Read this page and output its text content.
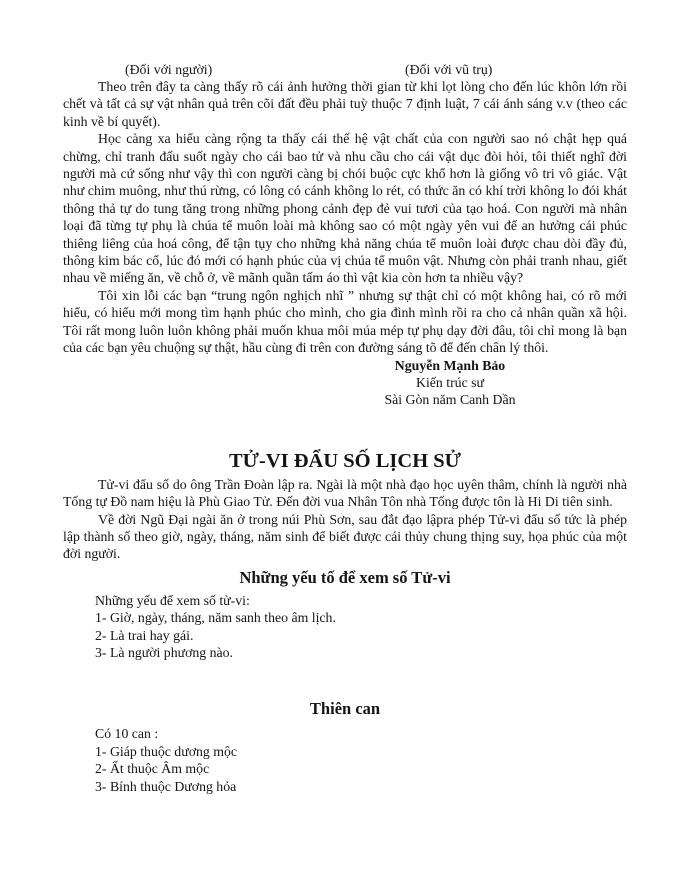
(Đối với người)	(Đối với vũ trụ)

Theo trên đây ta càng thấy rõ cái ảnh hưởng thời gian từ khi lọt lòng cho đến lúc khôn lớn rồi chết và tất cả sự vật nhân quả trên cõi đất đều phải tuỳ thuộc 7 định luật, 7 cái ánh sáng v.v (theo các kinh về bí quyết).

Học càng xa hiểu càng rộng ta thấy cái thế hệ vật chất của con người sao nó chật hẹp quá chừng, chỉ tranh đấu suốt ngày cho cái bao tử và nhu cầu cho cái vật dục đòi hỏi, tôi thiết nghĩ đời người mà cứ sống như vậy thì con người càng bị chói buộc cực khổ hơn là giống vô tri vô giác. Vật như chim muông, như thú rừng, có lông có cánh không lo rét, có thức ăn có khí trời không lo đói khát thông thả tự do tung tăng trong những phong cảnh đẹp đẻ vui tươi của tạo hoá. Con người mà nhân loại đã từng tự phụ là chúa tể muôn loài mà không sao có một ngày yên vui để an hưởng cái phúc thiêng liêng của hoá công, để tận tụy cho những khả năng chúa tể muôn loài được chau dòi đầy đủ, thông kim bác cổ, lúc đó mới có hạnh phúc của vị chúa tể muôn vật. Nhưng còn phải tranh nhau, giết nhau về miếng ăn, về chỗ ở, về mãnh quần tấm áo thì vật kia còn hơn ta nhiều vậy?

Tôi xin lỗi các bạn “trung ngôn nghịch nhĩ ” nhưng sự thật chỉ có một không hai, có rõ mới hiểu, có hiểu mới mong tìm hạnh phúc cho mình, cho gia đình mình rồi ra cho cả nhân quần xã hội. Tôi rất mong luôn luôn không phải muốn khua môi múa mép tự phụ dạy đời đâu, tôi chỉ mong là bạn của các bạn yêu chuộng sự thật, hầu cùng đi trên con đường sáng tõ để đến chân lý thôi.

Nguyễn Mạnh Bảo
Kiến trúc sư
Sài Gòn năm Canh Dần
TỬ-VI ĐẨU SỐ LỊCH SỬ

Tử-vi đẩu số do ông Trần Đoàn lập ra. Ngài là một nhà đạo học uyên thâm, chính là người nhà Tống tự Đồ nam hiệu là Phù Giao Tử. Đến đời vua Nhân Tôn nhà Tống được tôn là Hi Di tiên sinh.

Về đời Ngũ Đại ngài ăn ở trong núi Phù Sơn, sau đắt đạo lậpra phép Tử-vi đẩu số tức là phép lập thành số theo giờ, ngày, tháng, năm sinh để biết được cái thủy chung thịng suy, họa phúc của một đời người.

Những yếu tố để xem số Tử-vi
Những yếu để xem số tử-vi:
1- Giờ, ngày, tháng, năm sanh theo âm lịch.
2- Là trai hay gái.
3- Là người phương nào.
Thiên can
Có 10 can :
1- Giáp thuộc dương mộc
2- Ất thuộc Âm mộc
3- Bính thuộc Dương hỏa
